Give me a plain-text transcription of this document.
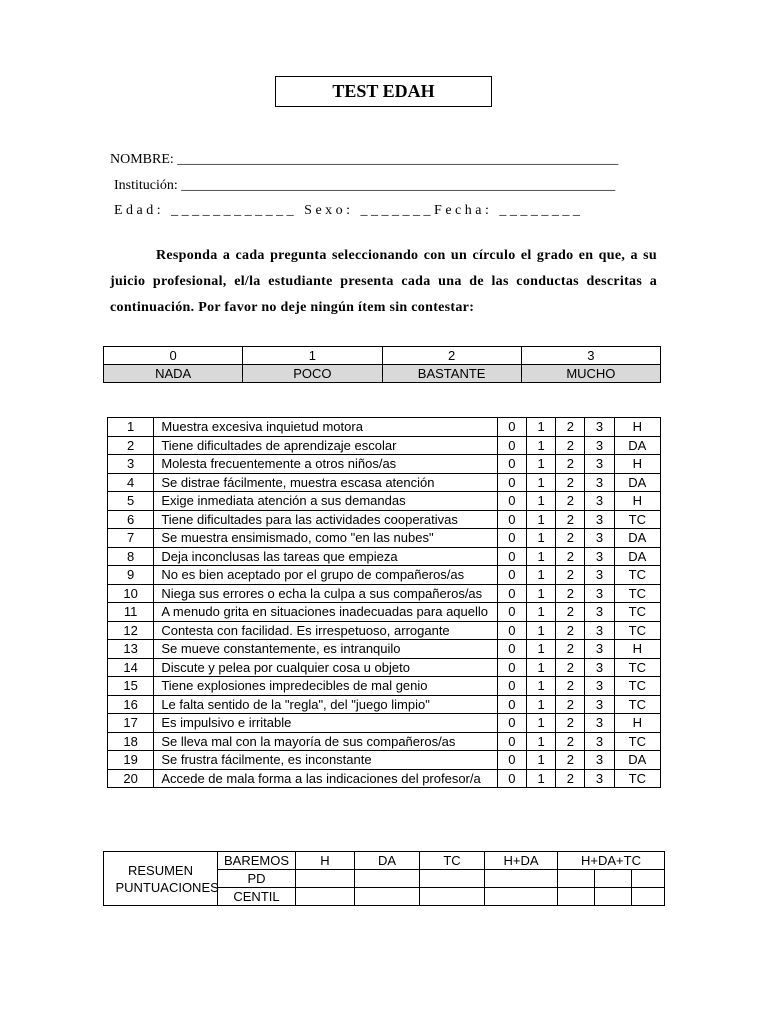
TEST EDAH
NOMBRE: _______________________________________________________________
Institución: ______________________________________________________________
E d a d :   _ _ _ _ _ _ _ _ _ _ _ _   S e x o :   _ _ _ _ _ _ _ F e c h a :   _ _ _ _ _ _ _ _
Responda a cada pregunta seleccionando con un círculo el grado en que, a su juicio profesional, el/la estudiante presenta cada una de las conductas descritas a continuación. Por favor no deje ningún ítem sin contestar:
0	1	2	3
NADA	POCO	BASTANTE	MUCHO
1	Muestra excesiva inquietud motora	0	1	2	3	H
2	Tiene dificultades de aprendizaje escolar	0	1	2	3	DA
3	Molesta frecuentemente a otros niños/as	0	1	2	3	H
4	Se distrae fácilmente, muestra escasa atención	0	1	2	3	DA
5	Exige inmediata atención a sus demandas	0	1	2	3	H
6	Tiene dificultades para las actividades cooperativas	0	1	2	3	TC
7	Se muestra ensimismado, como "en las nubes"	0	1	2	3	DA
8	Deja inconclusas las tareas que empieza	0	1	2	3	DA
9	No es bien aceptado por el grupo de compañeros/as	0	1	2	3	TC
10	Niega sus errores o echa la culpa a sus compañeros/as	0	1	2	3	TC
11	A menudo grita en situaciones inadecuadas para aquello	0	1	2	3	TC
12	Contesta con facilidad. Es irrespetuoso, arrogante	0	1	2	3	TC
13	Se mueve constantemente, es intranquilo	0	1	2	3	H
14	Discute y pelea por cualquier cosa u objeto	0	1	2	3	TC
15	Tiene explosiones impredecibles de mal genio	0	1	2	3	TC
16	Le falta sentido de la "regla", del "juego limpio"	0	1	2	3	TC
17	Es impulsivo e irritable	0	1	2	3	H
18	Se lleva mal con la mayoría de sus compañeros/as	0	1	2	3	TC
19	Se frustra fácilmente, es inconstante	0	1	2	3	DA
20	Accede de mala forma a las indicaciones del profesor/a	0	1	2	3	TC
RESUMEN PUNTUACIONES	BAREMOS	H	DA	TC	H+DA	H+DA+TC		
	PD							
	CENTIL							
